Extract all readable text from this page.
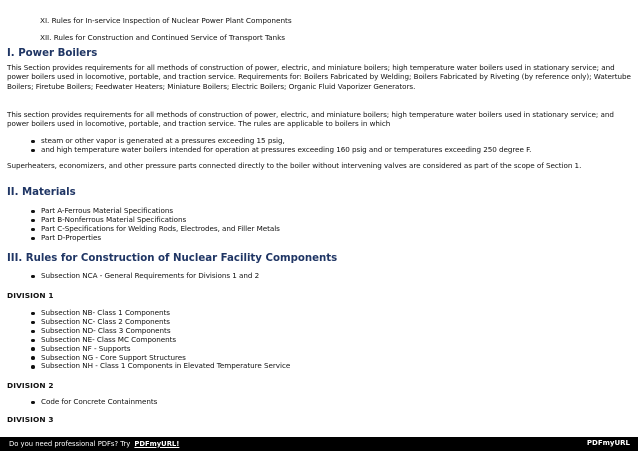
XI. Rules for In-service Inspection of Nuclear Power Plant Components
XII. Rules for Construction and Continued Service of Transport Tanks
I. Power Boilers
This Section provides requirements for all methods of construction of power, electric, and miniature boilers; high temperature water boilers used in stationary service; and power boilers used in locomotive, portable, and traction service. Requirements for: Boilers Fabricated by Welding; Boilers Fabricated by Riveting (by reference only); Watertube Boilers; Firetube Boilers; Feedwater Heaters; Miniature Boilers; Electric Boilers; Organic Fluid Vaporizer Generators.
This section provides requirements for all methods of construction of power, electric, and miniature boilers; high temperature water boilers used in stationary service; and power boilers used in locomotive, portable, and traction service. The rules are applicable to boilers in which
steam or other vapor is generated at a pressures exceeding 15 psig,
and high temperature water boilers intended for operation at pressures exceeding 160 psig and or temperatures exceeding 250 degree F.
Superheaters, economizers, and other pressure parts connected directly to the boiler without intervening valves are considered as part of the scope of Section 1.
II. Materials
Part A-Ferrous Material Specifications
Part B-Nonferrous Material Specifications
Part C-Specifications for Welding Rods, Electrodes, and Filler Metals
Part D-Properties
III. Rules for Construction of Nuclear Facility Components
Subsection NCA - General Requirements for Divisions 1 and 2
DIVISION 1
Subsection NB- Class 1 Components
Subsection NC- Class 2 Components
Subsection ND- Class 3 Components
Subsection NE- Class MC Components
Subsection NF - Supports
Subsection NG - Core Support Structures
Subsection NH - Class 1 Components in Elevated Temperature Service
DIVISION 2
Code for Concrete Containments
DIVISION 3
Do you need professional PDFs? Try PDFmyURL!	PDFmyURL
